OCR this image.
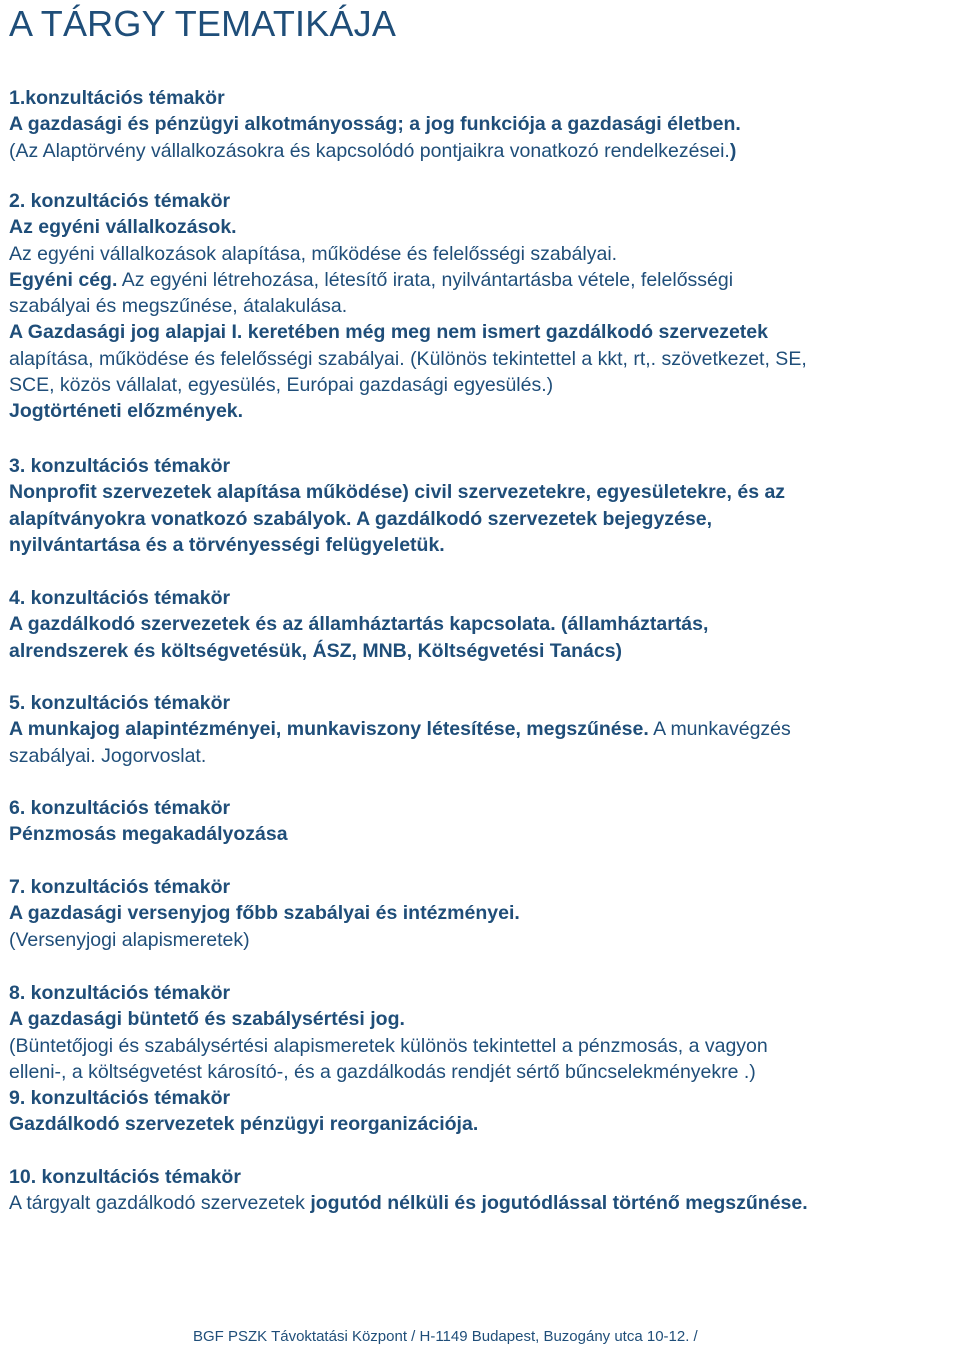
A TÁRGY TEMATIKÁJA
1.konzultációs témakör
A gazdasági és pénzügyi alkotmányosság; a jog funkciója a gazdasági életben.
(Az Alaptörvény vállalkozásokra és kapcsolódó pontjaikra vonatkozó rendelkezései.)
2. konzultációs témakör
Az egyéni vállalkozások.
Az egyéni vállalkozások alapítása, működése és felelősségi szabályai.
Egyéni cég. Az egyéni létrehozása, létesítő irata, nyilvántartásba vétele, felelősségi
szabályai és megszűnése, átalakulása.
A Gazdasági jog alapjai I. keretében még meg nem ismert gazdálkodó szervezetek
alapítása, működése és felelősségi szabályai. (Különös tekintettel a kkt, rt,. szövetkezet, SE,
SCE, közös vállalat, egyesülés, Európai gazdasági egyesülés.)
Jogtörténeti előzmények.
3. konzultációs témakör
Nonprofit szervezetek alapítása működése) civil szervezetekre, egyesületekre, és az
alapítványokra vonatkozó szabályok. A gazdálkodó szervezetek bejegyzése,
nyilvántartása és a törvényességi felügyeletük.
4. konzultációs témakör
A gazdálkodó szervezetek és az államháztartás kapcsolata. (államháztartás,
alrendszerek és költségvetésük, ÁSZ, MNB, Költségvetési Tanács)
5. konzultációs témakör
A munkajog alapintézményei, munkaviszony létesítése, megszűnése. A munkavégzés
szabályai. Jogorvoslat.
6. konzultációs témakör
Pénzmosás megakadályozása
7. konzultációs témakör
A gazdasági versenyjog főbb szabályai és intézményei.
(Versenyjogi alapismeretek)
8. konzultációs témakör
A gazdasági büntető és szabálysértési jog.
(Büntetőjogi és szabálysértési alapismeretek különös tekintettel a pénzmosás, a vagyon
elleni-, a költségvetést károsító-, és a gazdálkodás rendjét sértő bűncselekményekre .)
9. konzultációs témakör
Gazdálkodó szervezetek pénzügyi reorganizációja.
10. konzultációs témakör
A tárgyalt gazdálkodó szervezetek jogutód nélküli és jogutódlással történő megszűnése.
BGF PSZK Távoktatási Központ / H-1149 Budapest, Buzogány utca 10-12. /
